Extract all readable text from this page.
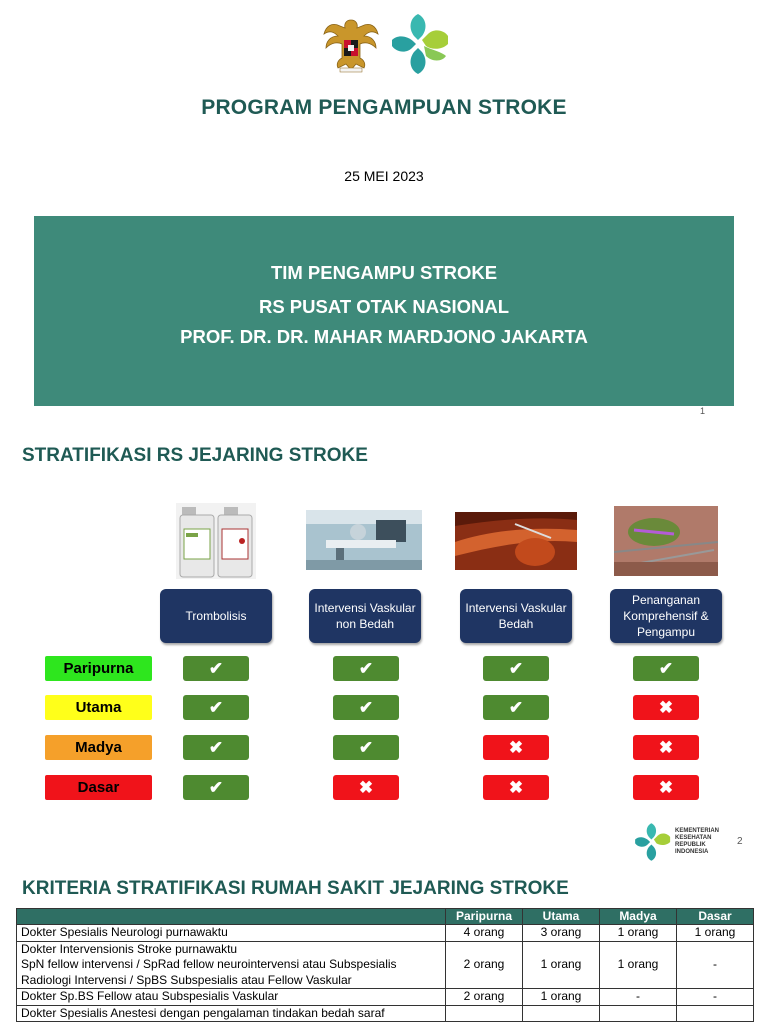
PROGRAM PENGAMPUAN STROKE
25 MEI 2023
TIM PENGAMPU STROKE
RS PUSAT OTAK NASIONAL
PROF. DR. DR. MAHAR MARDJONO JAKARTA
1
STRATIFIKASI RS JEJARING STROKE
Trombolisis
Intervensi Vaskular non Bedah
Intervensi Vaskular Bedah
Penanganan Komprehensif & Pengampu
Paripurna	✔	✔	✔	✔
Utama	✔	✔	✔	✖
Madya	✔	✔	✖	✖
Dasar	✔	✖	✖	✖
KEMENTERIAN
KESEHATAN
REPUBLIK
INDONESIA
2
KRITERIA STRATIFIKASI RUMAH SAKIT JEJARING STROKE
	Paripurna	Utama	Madya	Dasar
Dokter Spesialis Neurologi purnawaktu	4 orang	3 orang	1 orang	1 orang
Dokter Intervensionis Stroke purnawaktu
SpN fellow intervensi / SpRad fellow neurointervensi atau Subspesialis Radiologi Intervensi / SpBS Subspesialis atau Fellow Vaskular	2 orang	1 orang	1 orang	-
Dokter Sp.BS Fellow atau Subspesialis Vaskular	2 orang	1 orang	-	-
Dokter Spesialis Anestesi dengan pengalaman tindakan bedah saraf				
